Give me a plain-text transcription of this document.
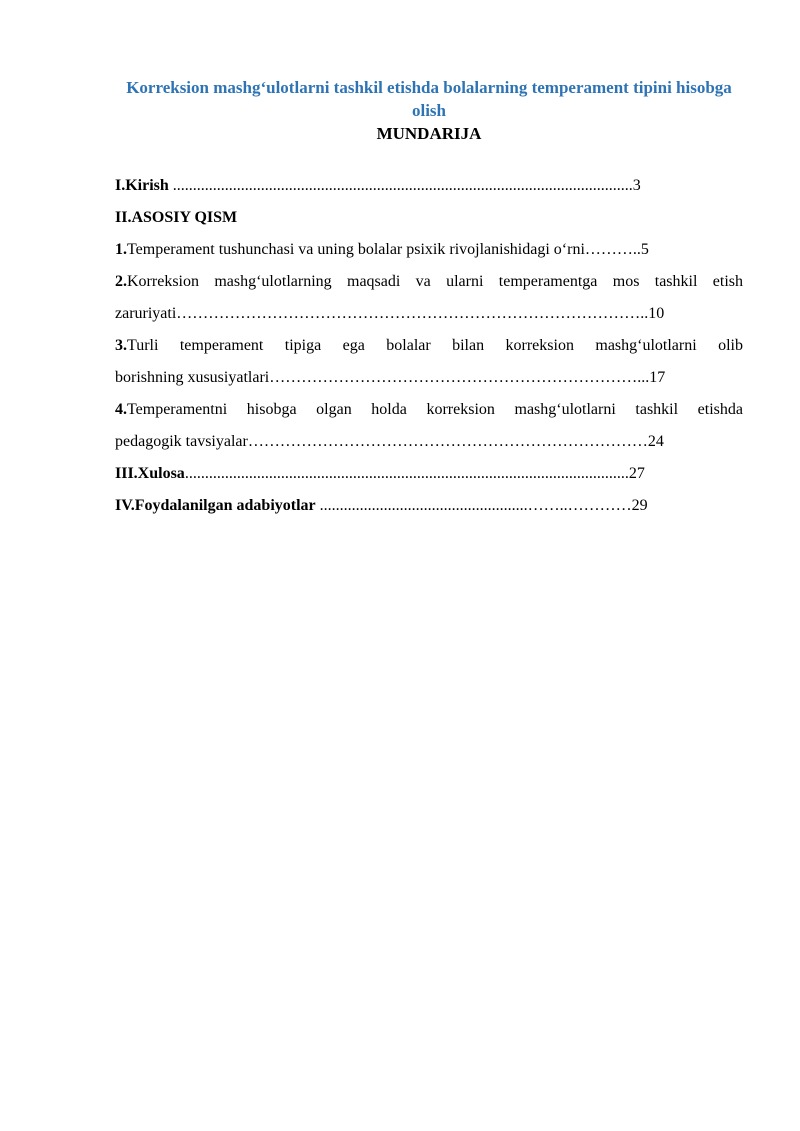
Korreksion mashg‘ulotlarni tashkil etishda bolalarning temperament tipini hisobga olish

MUNDARIJA

I.Kirish ...................................................................................................................3
II.ASOSIY QISM
1.Temperament tushunchasi va uning bolalar psixik rivojlanishidagi o‘rni………..5
2.Korreksion mashg‘ulotlarning maqsadi va ularni temperamentga mos tashkil etish
zaruriyati……………………………………………………………………………..10
3.Turli temperament tipiga ega bolalar bilan korreksion mashg‘ulotlarni olib
borishning xususiyatlari……………………………………………………………...17
4.Temperamentni hisobga olgan holda korreksion mashg‘ulotlarni tashkil etishda
pedagogik tavsiyalar…………………………………………………………………24
III.Xulosa...............................................................................................................27
IV.Foydalanilgan adabiyotlar ....................................................……..…………29
